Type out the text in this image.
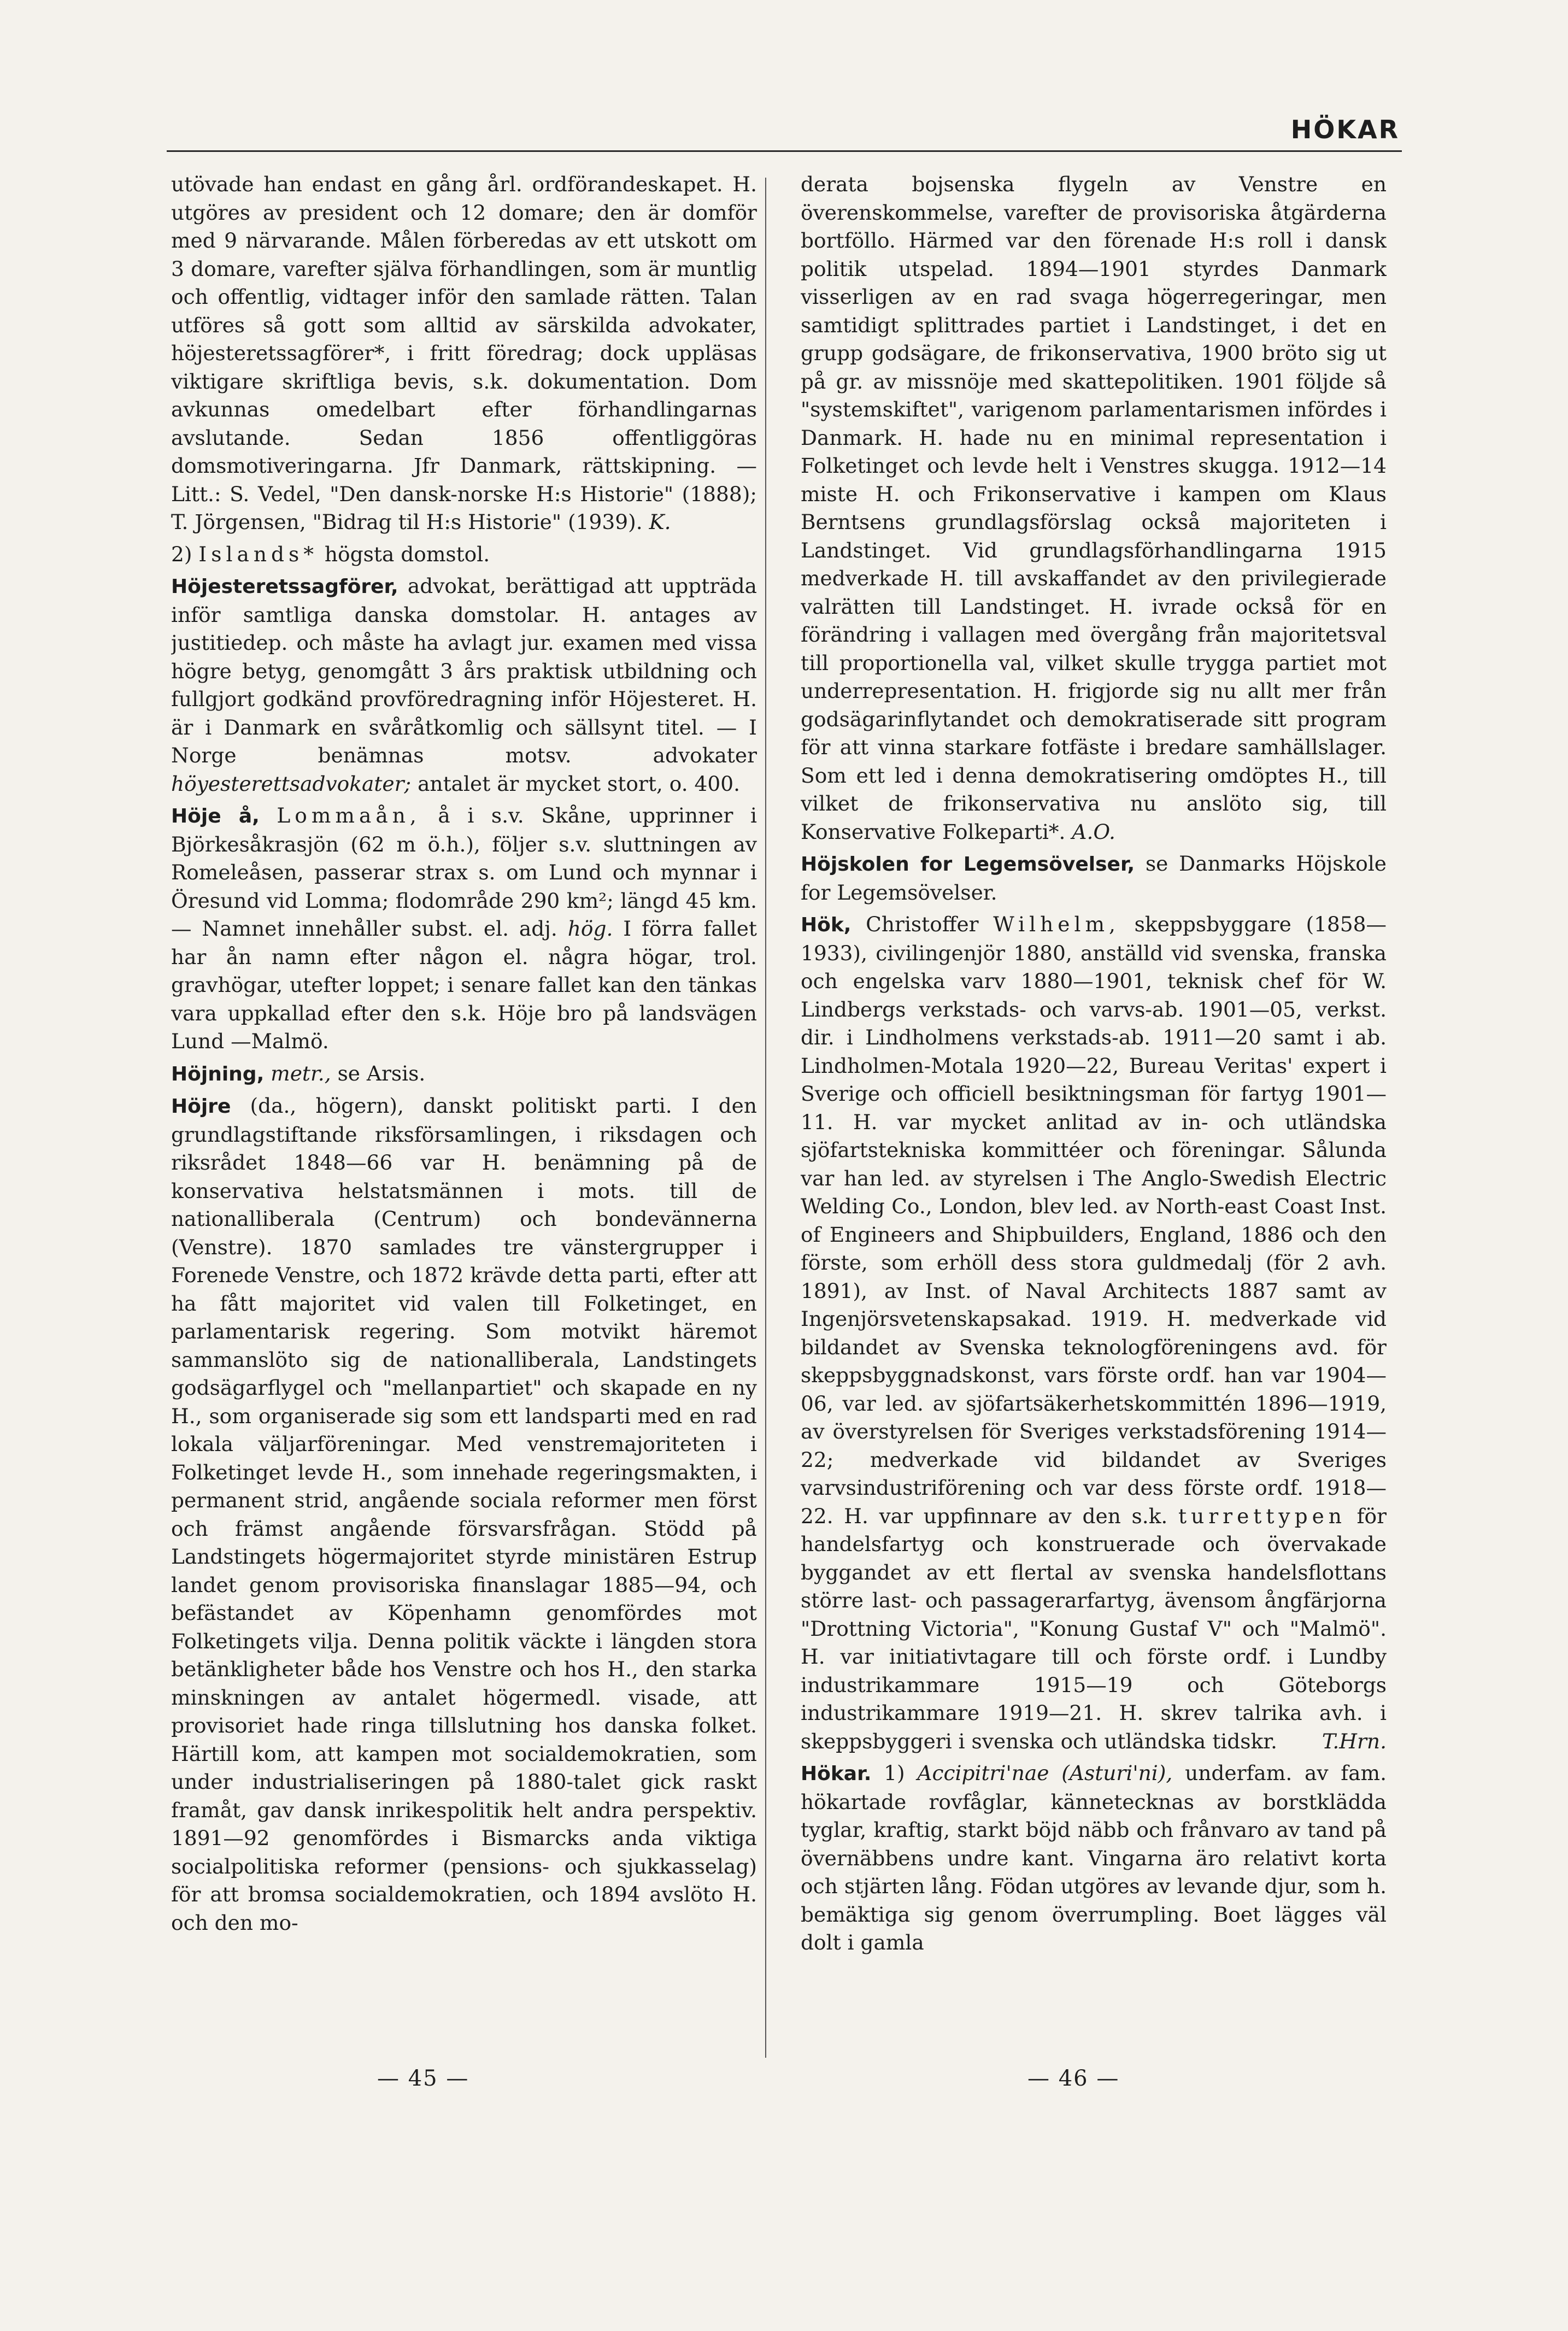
HÖKAR

utövade han endast en gång årl. ordförandeskapet. H. utgöres av president och 12 domare; den är domför med 9 närvarande. Målen förberedas av ett utskott om 3 domare, varefter själva förhandlingen, som är muntlig och offentlig, vidtager inför den samlade rätten. Talan utföres så gott som alltid av särskilda advokater, höjesteretssagförer*, i fritt föredrag; dock uppläsas viktigare skriftliga bevis, s.k. dokumentation. Dom avkunnas omedelbart efter förhandlingarnas avslutande. Sedan 1856 offentliggöras domsmotiveringarna. Jfr Danmark, rättskipning. — Litt.: S. Vedel, "Den dansk-norske H:s Historie" (1888); T. Jörgensen, "Bidrag til H:s Historie" (1939). K.

2) Islands* högsta domstol.

Höjesteretssagförer, advokat, berättigad att uppträda inför samtliga danska domstolar. H. antages av justitiedep. och måste ha avlagt jur. examen med vissa högre betyg, genomgått 3 års praktisk utbildning och fullgjort godkänd provföredragning inför Höjesteret. H. är i Danmark en svåråtkomlig och sällsynt titel. — I Norge benämnas motsv. advokater höyesterettsadvokater; antalet är mycket stort, o. 400.

Höje å, Lommaån, å i s.v. Skåne, upprinner i Björkesåkrasjön (62 m ö.h.), följer s.v. sluttningen av Romeleåsen, passerar strax s. om Lund och mynnar i Öresund vid Lomma; flodområde 290 km²; längd 45 km. — Namnet innehåller subst. el. adj. hög. I förra fallet har ån namn efter någon el. några högar, trol. gravhögar, utefter loppet; i senare fallet kan den tänkas vara uppkallad efter den s.k. Höje bro på landsvägen Lund —Malmö.

Höjning, metr., se Arsis.

Höjre (da., högern), danskt politiskt parti. I den grundlagstiftande riksförsamlingen, i riksdagen och riksrådet 1848—66 var H. benämning på de konservativa helstatsmännen i mots. till de nationalliberala (Centrum) och bondevännerna (Venstre). 1870 samlades tre vänstergrupper i Forenede Venstre, och 1872 krävde detta parti, efter att ha fått majoritet vid valen till Folketinget, en parlamentarisk regering. Som motvikt häremot sammanslöto sig de nationalliberala, Landstingets godsägarflygel och "mellanpartiet" och skapade en ny H., som organiserade sig som ett landsparti med en rad lokala väljarföreningar. Med venstremajoriteten i Folketinget levde H., som innehade regeringsmakten, i permanent strid, angående sociala reformer men först och främst angående försvarsfrågan. Stödd på Landstingets högermajoritet styrde ministären Estrup landet genom provisoriska finanslagar 1885—94, och befästandet av Köpenhamn genomfördes mot Folketingets vilja. Denna politik väckte i längden stora betänkligheter både hos Venstre och hos H., den starka minskningen av antalet högermedl. visade, att provisoriet hade ringa tillslutning hos danska folket. Härtill kom, att kampen mot socialdemokratien, som under industrialiseringen på 1880-talet gick raskt framåt, gav dansk inrikespolitik helt andra perspektiv. 1891—92 genomfördes i Bismarcks anda viktiga socialpolitiska reformer (pensions- och sjukkasselag) för att bromsa socialdemokratien, och 1894 avslöto H. och den mo-

derata bojsenska flygeln av Venstre en överenskommelse, varefter de provisoriska åtgärderna bortföllo. Härmed var den förenade H:s roll i dansk politik utspelad. 1894—1901 styrdes Danmark visserligen av en rad svaga högerregeringar, men samtidigt splittrades partiet i Landstinget, i det en grupp godsägare, de frikonservativa, 1900 bröto sig ut på gr. av missnöje med skattepolitiken. 1901 följde så "systemskiftet", varigenom parlamentarismen infördes i Danmark. H. hade nu en minimal representation i Folketinget och levde helt i Venstres skugga. 1912—14 miste H. och Frikonservative i kampen om Klaus Berntsens grundlagsförslag också majoriteten i Landstinget. Vid grundlagsförhandlingarna 1915 medverkade H. till avskaffandet av den privilegierade valrätten till Landstinget. H. ivrade också för en förändring i vallagen med övergång från majoritetsval till proportionella val, vilket skulle trygga partiet mot underrepresentation. H. frigjorde sig nu allt mer från godsägarinflytandet och demokratiserade sitt program för att vinna starkare fotfäste i bredare samhällslager. Som ett led i denna demokratisering omdöptes H., till vilket de frikonservativa nu anslöto sig, till Konservative Folkeparti*. A.O.

Höjskolen for Legemsövelser, se Danmarks Höjskole for Legemsövelser.

Hök, Christoffer Wilhelm, skeppsbyggare (1858—1933), civilingenjör 1880, anställd vid svenska, franska och engelska varv 1880—1901, teknisk chef för W. Lindbergs verkstads- och varvs-ab. 1901—05, verkst. dir. i Lindholmens verkstads-ab. 1911—20 samt i ab. Lindholmen-Motala 1920—22, Bureau Veritas' expert i Sverige och officiell besiktningsman för fartyg 1901—11. H. var mycket anlitad av in- och utländska sjöfartstekniska kommittéer och föreningar. Sålunda var han led. av styrelsen i The Anglo-Swedish Electric Welding Co., London, blev led. av North-east Coast Inst. of Engineers and Shipbuilders, England, 1886 och den förste, som erhöll dess stora guldmedalj (för 2 avh. 1891), av Inst. of Naval Architects 1887 samt av Ingenjörsvetenskapsakad. 1919. H. medverkade vid bildandet av Svenska teknologföreningens avd. för skeppsbyggnadskonst, vars förste ordf. han var 1904—06, var led. av sjöfartsäkerhetskommittén 1896—1919, av överstyrelsen för Sveriges verkstadsförening 1914—22; medverkade vid bildandet av Sveriges varvsindustriförening och var dess förste ordf. 1918—22. H. var uppfinnare av den s.k. turrettypen för handelsfartyg och konstruerade och övervakade byggandet av ett flertal av svenska handelsflottans större last- och passagerarfartyg, ävensom ångfärjorna "Drottning Victoria", "Konung Gustaf V" och "Malmö". H. var initiativtagare till och förste ordf. i Lundby industrikammare 1915—19 och Göteborgs industrikammare 1919—21. H. skrev talrika avh. i skeppsbyggeri i svenska och utländska tidskr. T.Hrn.

Hökar. 1) Accipitri'nae (Asturi'ni), underfam. av fam. hökartade rovfåglar, kännetecknas av borstklädda tyglar, kraftig, starkt böjd näbb och frånvaro av tand på övernäbbens undre kant. Vingarna äro relativt korta och stjärten lång. Födan utgöres av levande djur, som h. bemäktiga sig genom överrumpling. Boet lägges väl dolt i gamla

— 45 —	— 46 —
